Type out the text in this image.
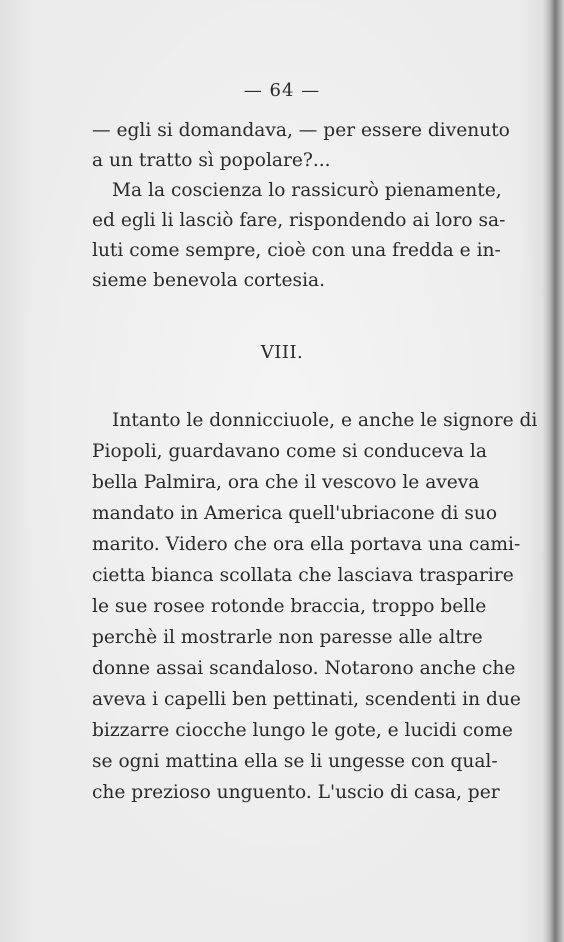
— 64 —
— egli si domandava, — per essere divenuto
a un tratto sì popolare?...
Ma la coscienza lo rassicurò pienamente,
ed egli li lasciò fare, rispondendo ai loro sa-
luti come sempre, cioè con una fredda e in-
sieme benevola cortesia.
VIII.
Intanto le donnicciuole, e anche le signore di
Piopoli, guardavano come si conduceva la
bella Palmira, ora che il vescovo le aveva
mandato in America quell'ubriacone di suo
marito. Videro che ora ella portava una cami-
cietta bianca scollata che lasciava trasparire
le sue rosee rotonde braccia, troppo belle
perchè il mostrarle non paresse alle altre
donne assai scandaloso. Notarono anche che
aveva i capelli ben pettinati, scendenti in due
bizzarre ciocche lungo le gote, e lucidi come
se ogni mattina ella se li ungesse con qual-
che prezioso unguento. L'uscio di casa, per
